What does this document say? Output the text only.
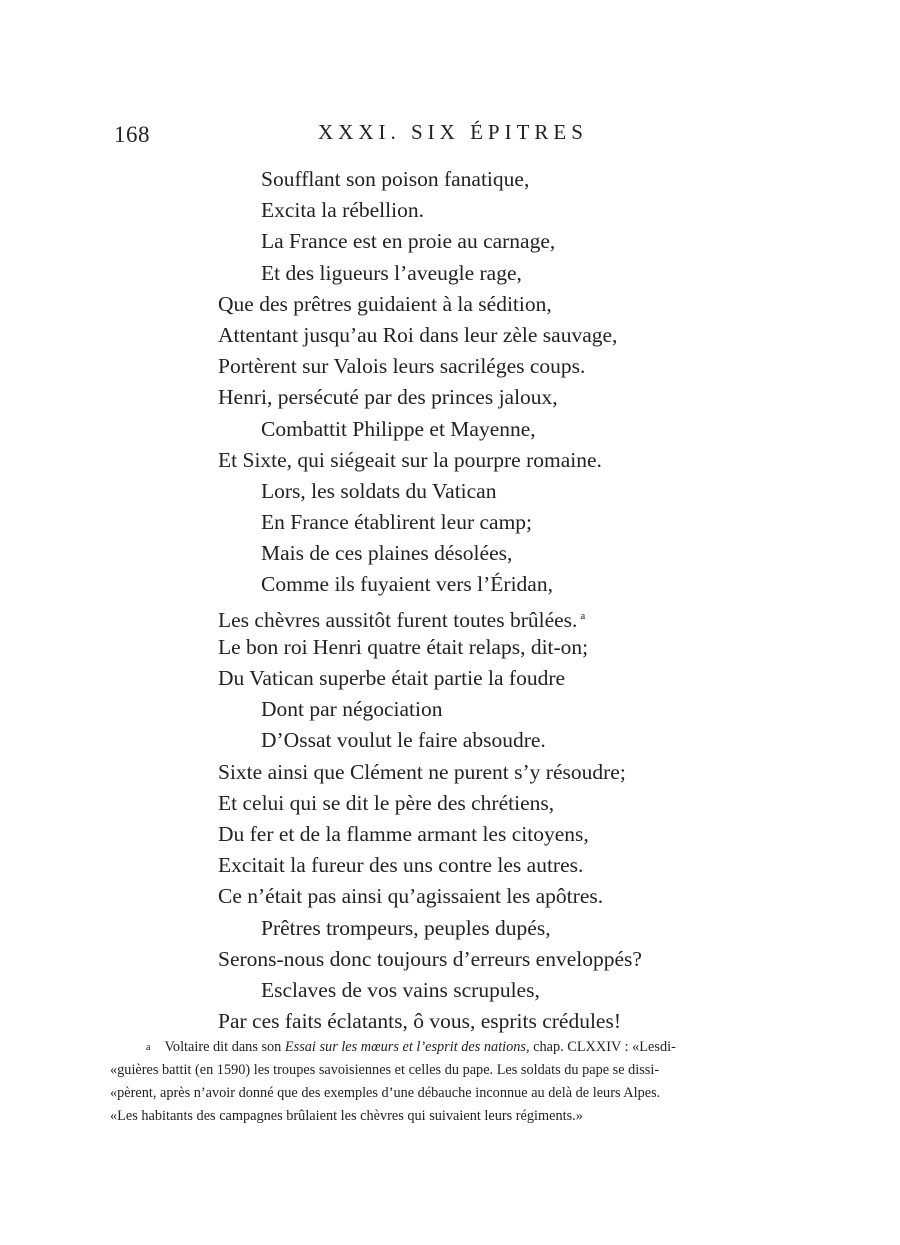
168	XXXI. SIX ÉPITRES
Soufflant son poison fanatique,
Excita la rébellion.
La France est en proie au carnage,
Et des ligueurs l’aveugle rage,
Que des prêtres guidaient à la sédition,
Attentant jusqu’au Roi dans leur zèle sauvage,
Portèrent sur Valois leurs sacriléges coups.
Henri, persécuté par des princes jaloux,
Combattit Philippe et Mayenne,
Et Sixte, qui siégeait sur la pourpre romaine.
Lors, les soldats du Vatican
En France établirent leur camp;
Mais de ces plaines désolées,
Comme ils fuyaient vers l’Éridan,
Les chèvres aussitôt furent toutes brûlées. $^a$
Le bon roi Henri quatre était relaps, dit-on;
Du Vatican superbe était partie la foudre
Dont par négociation
D’Ossat voulut le faire absoudre.
Sixte ainsi que Clément ne purent s’y résoudre;
Et celui qui se dit le père des chrétiens,
Du fer et de la flamme armant les citoyens,
Excitait la fureur des uns contre les autres.
Ce n’était pas ainsi qu’agissaient les apôtres.
Prêtres trompeurs, peuples dupés,
Serons-nous donc toujours d’erreurs enveloppés?
Esclaves de vos vains scrupules,
Par ces faits éclatants, ô vous, esprits crédules!
a Voltaire dit dans son Essai sur les mœurs et l’esprit des nations, chap. CLXXIV : «Lesdi-
«guières battit (en 1590) les troupes savoisiennes et celles du pape. Les soldats du pape se dissi-
«pèrent, après n’avoir donné que des exemples d’une débauche inconnue au delà de leurs Alpes.
«Les habitants des campagnes brûlaient les chèvres qui suivaient leurs régiments.»
